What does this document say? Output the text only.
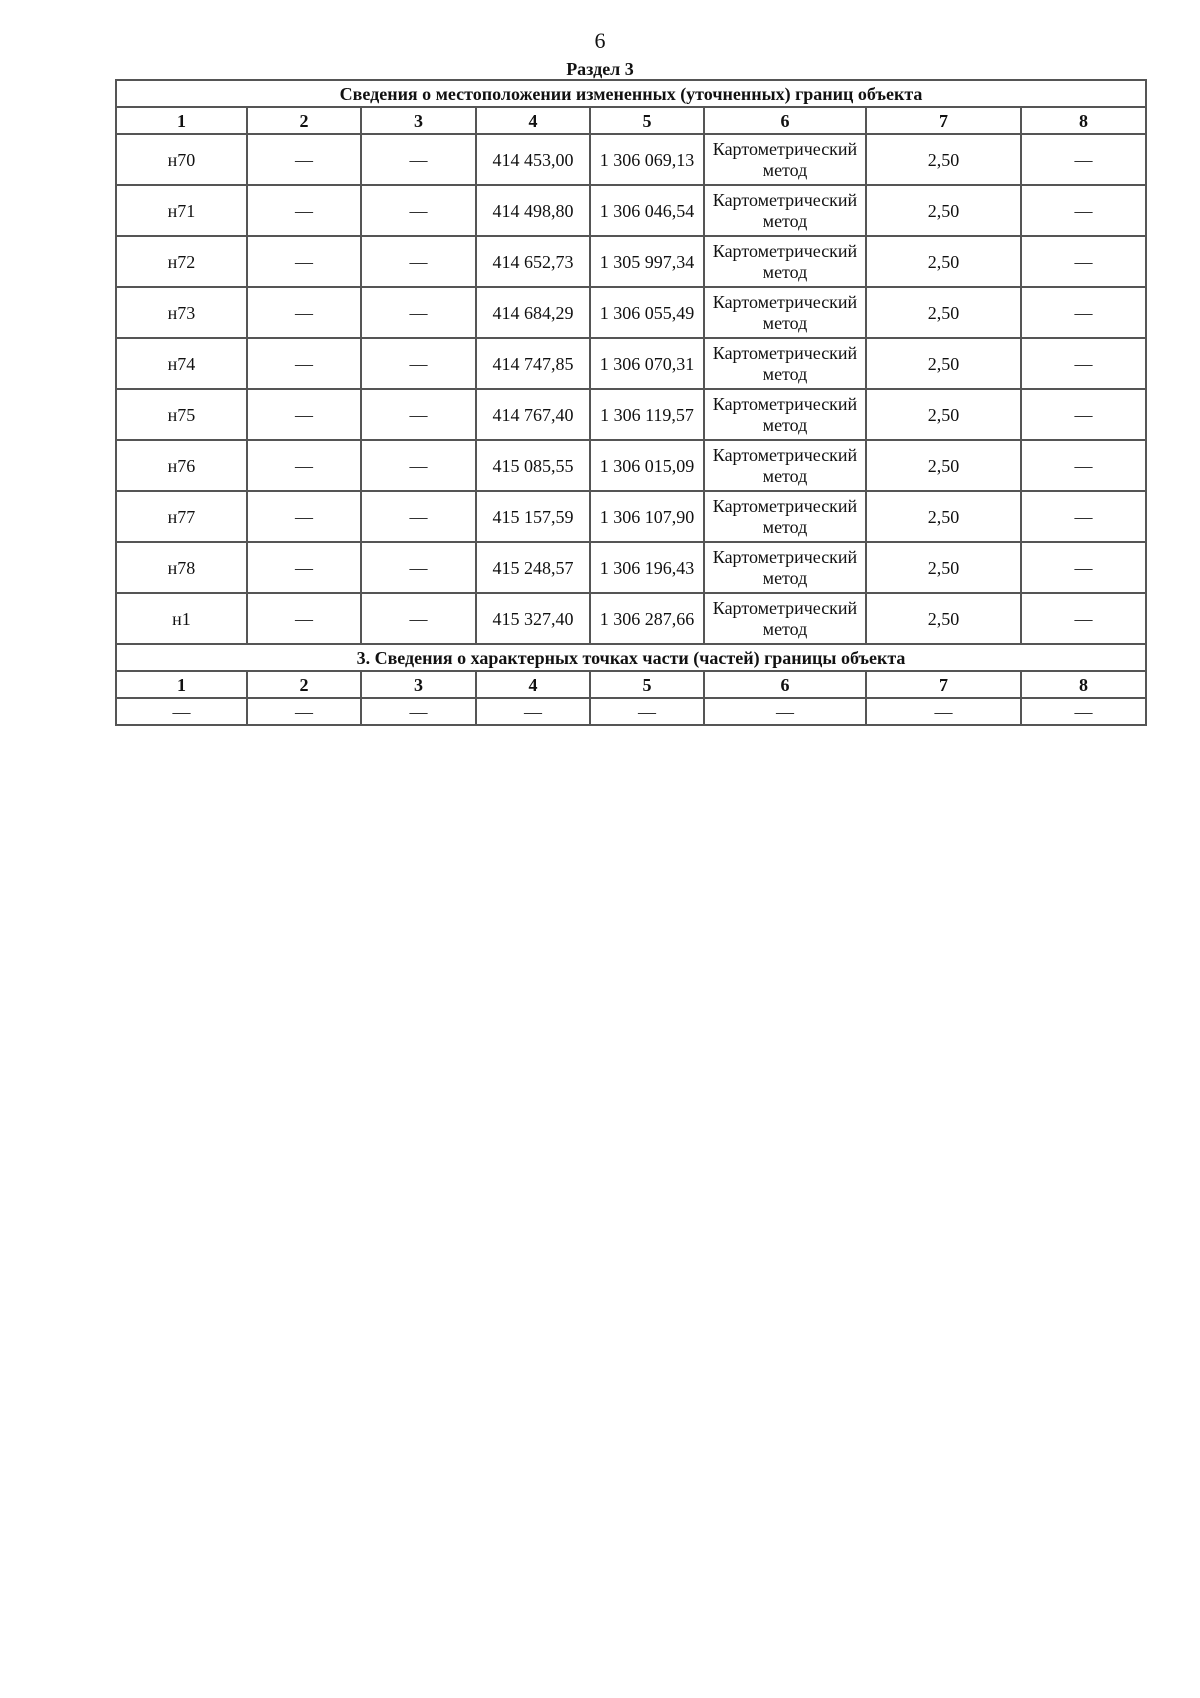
6
Раздел 3
Сведения о местоположении измененных (уточненных) границ объекта							
1	2	3	4	5	6	7	8
н70	—	—	414 453,00	1 306 069,13	Картометрический метод	2,50	—
н71	—	—	414 498,80	1 306 046,54	Картометрический метод	2,50	—
н72	—	—	414 652,73	1 305 997,34	Картометрический метод	2,50	—
н73	—	—	414 684,29	1 306 055,49	Картометрический метод	2,50	—
н74	—	—	414 747,85	1 306 070,31	Картометрический метод	2,50	—
н75	—	—	414 767,40	1 306 119,57	Картометрический метод	2,50	—
н76	—	—	415 085,55	1 306 015,09	Картометрический метод	2,50	—
н77	—	—	415 157,59	1 306 107,90	Картометрический метод	2,50	—
н78	—	—	415 248,57	1 306 196,43	Картометрический метод	2,50	—
н1	—	—	415 327,40	1 306 287,66	Картометрический метод	2,50	—
3. Сведения о характерных точках части (частей) границы объекта							
1	2	3	4	5	6	7	8
—	—	—	—	—	—	—	—
